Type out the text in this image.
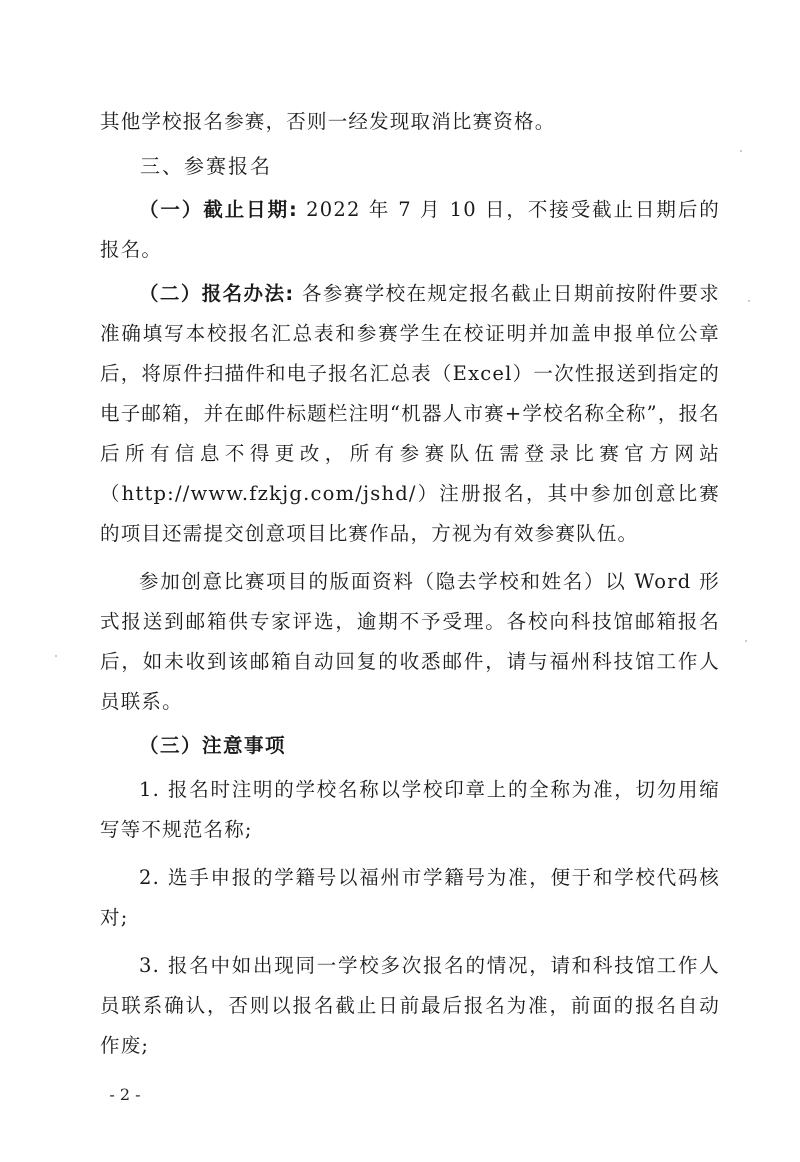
其他学校报名参赛，否则一经发现取消比赛资格。

三、参赛报名

（一）截止日期: 2022 年 7 月 10 日，不接受截止日期后的报名。

（二）报名办法: 各参赛学校在规定报名截止日期前按附件要求准确填写本校报名汇总表和参赛学生在校证明并加盖申报单位公章后，将原件扫描件和电子报名汇总表（Excel）一次性报送到指定的电子邮箱，并在邮件标题栏注明“机器人市赛+学校名称全称”，报名后所有信息不得更改，所有参赛队伍需登录比赛官方网站（http://www.fzkjg.com/jshd/）注册报名，其中参加创意比赛的项目还需提交创意项目比赛作品，方视为有效参赛队伍。

参加创意比赛项目的版面资料（隐去学校和姓名）以 Word 形式报送到邮箱供专家评选，逾期不予受理。各校向科技馆邮箱报名后，如未收到该邮箱自动回复的收悉邮件，请与福州科技馆工作人员联系。

（三）注意事项

1. 报名时注明的学校名称以学校印章上的全称为准，切勿用缩写等不规范名称;

2. 选手申报的学籍号以福州市学籍号为准，便于和学校代码核对;

3. 报名中如出现同一学校多次报名的情况，请和科技馆工作人员联系确认，否则以报名截止日前最后报名为准，前面的报名自动作废;

- 2 -
